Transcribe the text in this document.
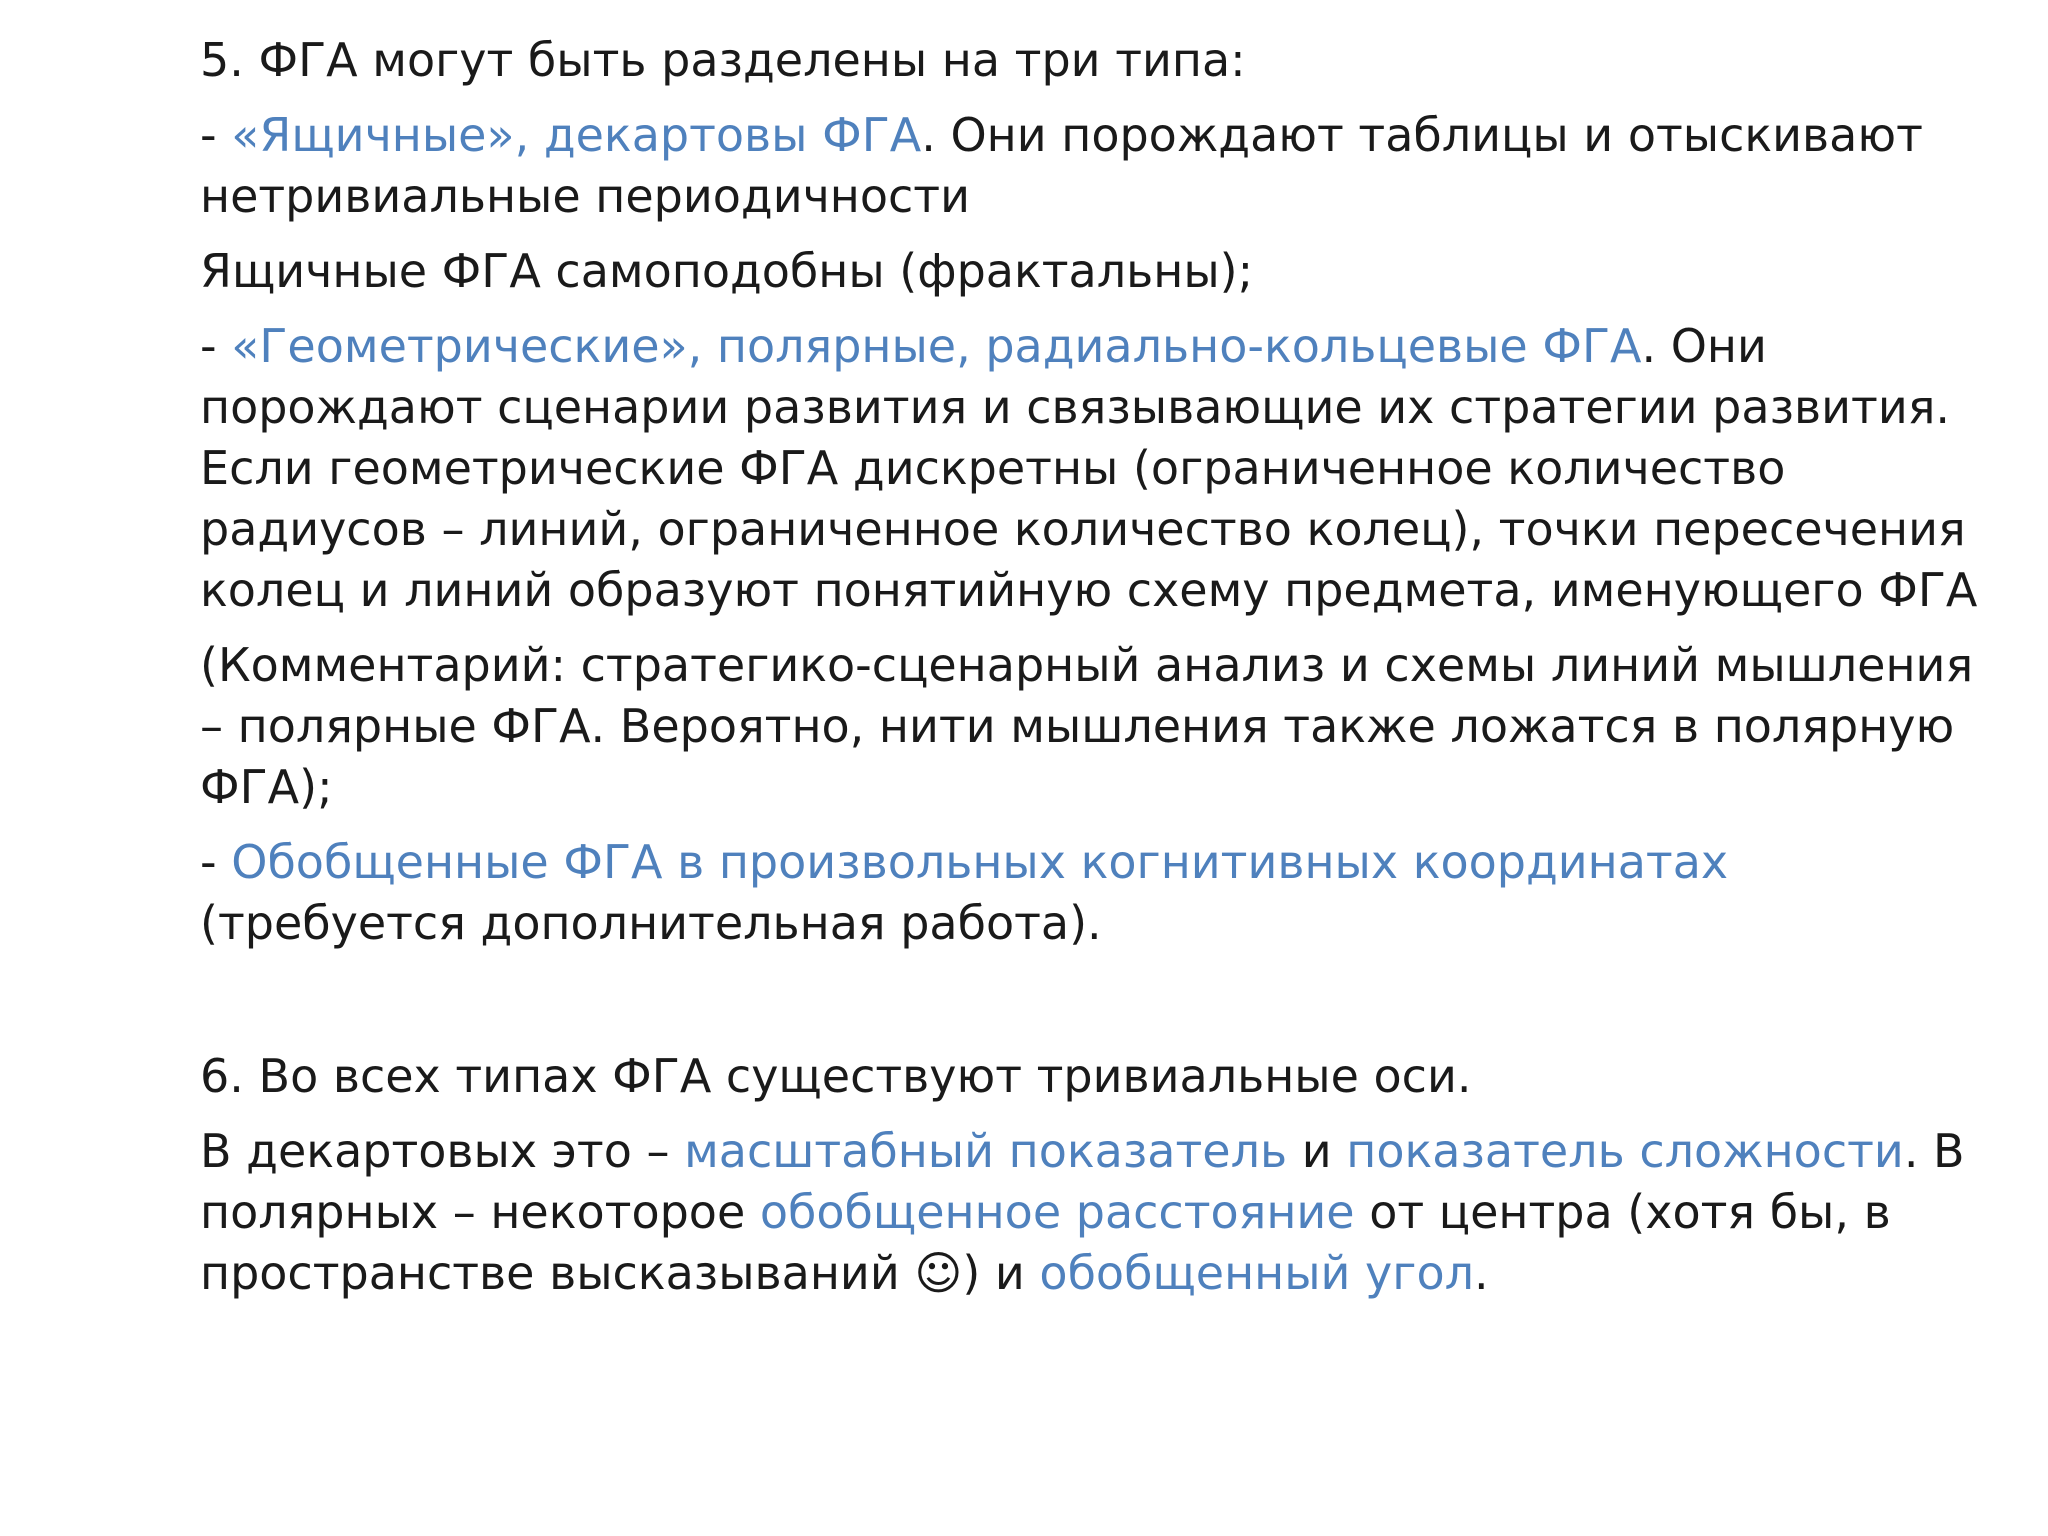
5. ФГА могут быть разделены на три типа:

- «Ящичные», декартовы ФГА. Они порождают таблицы и отыскивают нетривиальные периодичности

Ящичные ФГА самоподобны (фрактальны);

- «Геометрические», полярные, радиально-кольцевые ФГА. Они порождают сценарии развития и связывающие их стратегии развития. Если геометрические ФГА дискретны (ограниченное количество радиусов – линий, ограниченное количество колец), точки пересечения колец и линий образуют понятийную схему предмета, именующего ФГА

(Комментарий: стратегико-сценарный анализ и схемы линий мышления – полярные ФГА. Вероятно, нити мышления также ложатся в полярную ФГА);

- Обобщенные ФГА в произвольных когнитивных координатах (требуется дополнительная работа).

6. Во всех типах ФГА существуют тривиальные оси.

В декартовых это – масштабный показатель и показатель сложности. В полярных – некоторое обобщенное расстояние от центра (хотя бы, в пространстве высказываний ☺) и обобщенный угол.
